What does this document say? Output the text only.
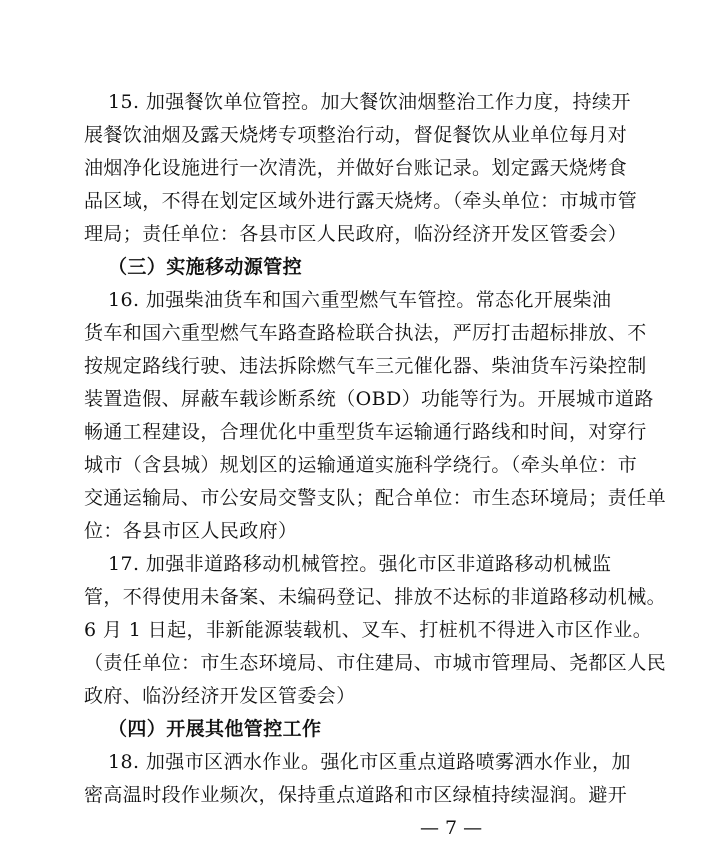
15. 加强餐饮单位管控。加大餐饮油烟整治工作力度，持续开
展餐饮油烟及露天烧烤专项整治行动，督促餐饮从业单位每月对
油烟净化设施进行一次清洗，并做好台账记录。划定露天烧烤食
品区域，不得在划定区域外进行露天烧烤。（牵头单位：市城市管
理局；责任单位：各县市区人民政府，临汾经济开发区管委会）
（三）实施移动源管控
16. 加强柴油货车和国六重型燃气车管控。常态化开展柴油
货车和国六重型燃气车路查路检联合执法，严厉打击超标排放、不
按规定路线行驶、违法拆除燃气车三元催化器、柴油货车污染控制
装置造假、屏蔽车载诊断系统（OBD）功能等行为。开展城市道路
畅通工程建设，合理优化中重型货车运输通行路线和时间，对穿行
城市（含县城）规划区的运输通道实施科学绕行。（牵头单位：市
交通运输局、市公安局交警支队；配合单位：市生态环境局；责任单
位：各县市区人民政府）
17. 加强非道路移动机械管控。强化市区非道路移动机械监
管，不得使用未备案、未编码登记、排放不达标的非道路移动机械。
6 月 1 日起，非新能源装载机、叉车、打桩机不得进入市区作业。
（责任单位：市生态环境局、市住建局、市城市管理局、尧都区人民
政府、临汾经济开发区管委会）
（四）开展其他管控工作
18. 加强市区洒水作业。强化市区重点道路喷雾洒水作业，加
密高温时段作业频次，保持重点道路和市区绿植持续湿润。避开
— 7 —
